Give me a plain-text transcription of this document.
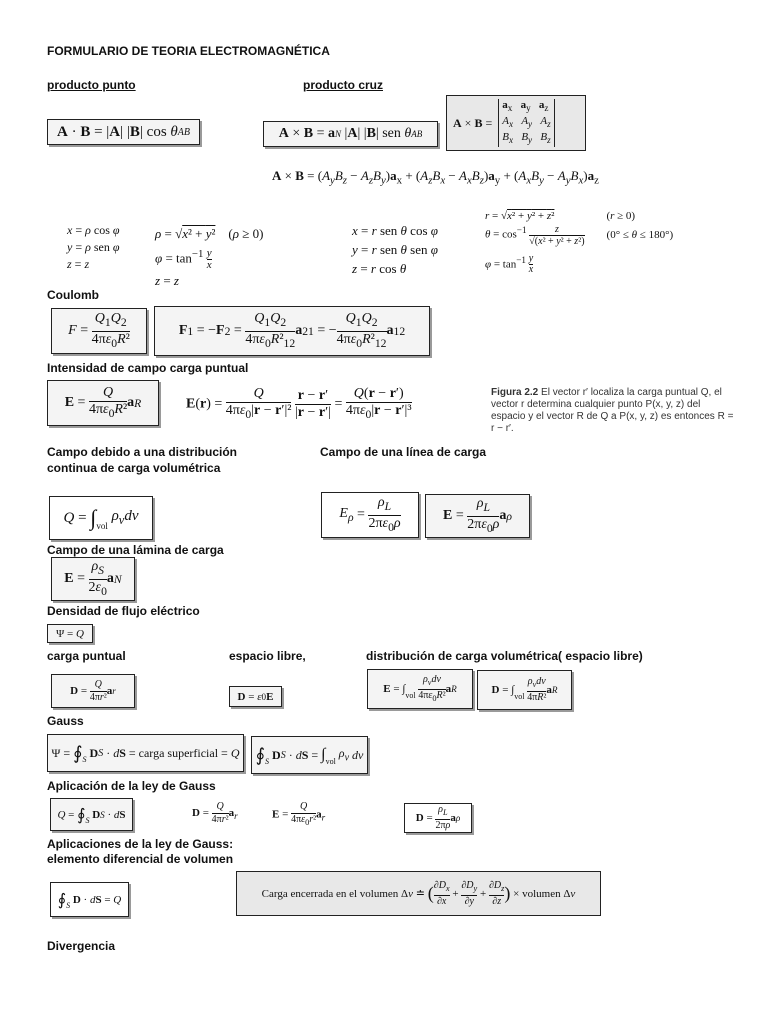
FORMULARIO DE TEORIA ELECTROMAGNÉTICA
producto punto	producto cruz
A · B = | A | | B | cos θ AB	A × B = a N | A | | B | sen θ AB
A × B =
$a_x$ $a_y$ $a_z$
$A_x$ $A_y$ $A_z$
$B_x$ $B_y$ $B_z$
$A \times B = (A_yB_z - A_zB_y)a_x + (A_zB_x - A_xB_z)a_y + (A_xB_y - A_yB_x)a_z$
x = ρ cos φ
y = ρ sen φ
z = z
ρ = √x² + y²    (ρ ≥ 0)
$\varphi = \tan^{-1} \frac{y}{x}$

z = z
x = r sen θ cos φ
y = r sen θ sen φ
z = r cos θ
r = √x² + y² + z²	(r ≥ 0)
$\theta = \cos^{-1} \frac{z}{\text{√(x² + y² + z²)}} (0^\circ \le \theta \le 180^\circ)$
$\varphi = \tan^{-1} \frac{y}{x}$
Coulomb
F =
$Q_1Q_2$

$4\pi\varepsilon_0R^2$
F 1 = − F 2 =
$Q_1Q_2$

$4\pi\varepsilon_0R^2_{12}$
a 21 = −
$Q_1Q_2$

$4\pi\varepsilon_0R^2_{12}$
a 12
Intensidad de campo carga puntual
E =
Q

$4\pi\varepsilon_0R^2$ a R	$E(r) = \frac{Q}{4\pi\varepsilon_0|r - r'|^2}$ r − r′

|r − r′|
= Q(r − r′)

$4\pi\varepsilon_0|r - r'|^3$
Figura 2.2 El vector r′ localiza la carga puntual Q, el vector r determina cualquier punto P(x, y, z) del espacio y el vector R de Q a P(x, y, z) es entonces R = r − r′.
Campo debido a una distribución
continua de carga volumétrica
Campo de una línea de carga
$Q = \int_{vol}$

$\rho_vdv$	$E_\rho$ =
$\rho_L$

$2\pi\varepsilon_0\rho$	E =
$\rho_L$

$2\pi\varepsilon_0\rho$
a ρ
Campo de una lámina de carga
E =
$\rho_S$

$2\varepsilon_0$
a N
Densidad de flujo eléctrico
Ψ = Q
carga puntual	espacio libre,	distribución de carga volumétrica( espacio libre)
D =
Q

4πr² a r	D = ε 0 E
$E = \int_{vol}$

$\rho_vdv$

$4\pi\varepsilon_0R^2$ a R	$D = \int_{vol}$

$\rho_vdv$

4πR²
a R
Gauss
Ψ = ∮ $_S$
D S · d S = carga superficial = Q ∮ $_S$
D S · d $S = \int_{vol}$

$\rho_v$
dv
Aplicación de la ley de Gauss
Q = ∮ $_S$
D S · d S	$D = \frac{Q}{\text{4πr²}} a_r$	$E = \frac{Q}{4\pi\varepsilon_0r^2} a_r$	D =
$\rho_L$

2πρ
a ρ
Aplicaciones de la ley de Gauss:
elemento diferencial de volumen
∮ $_S$
D · d S = Q	Carga encerrada en el volumen Δ v ≐ ( $\partial D_x$

∂x
+
$\partial D_y$

∂y
+
$\partial D_z$

∂z ) × volumen Δ v
Divergencia
